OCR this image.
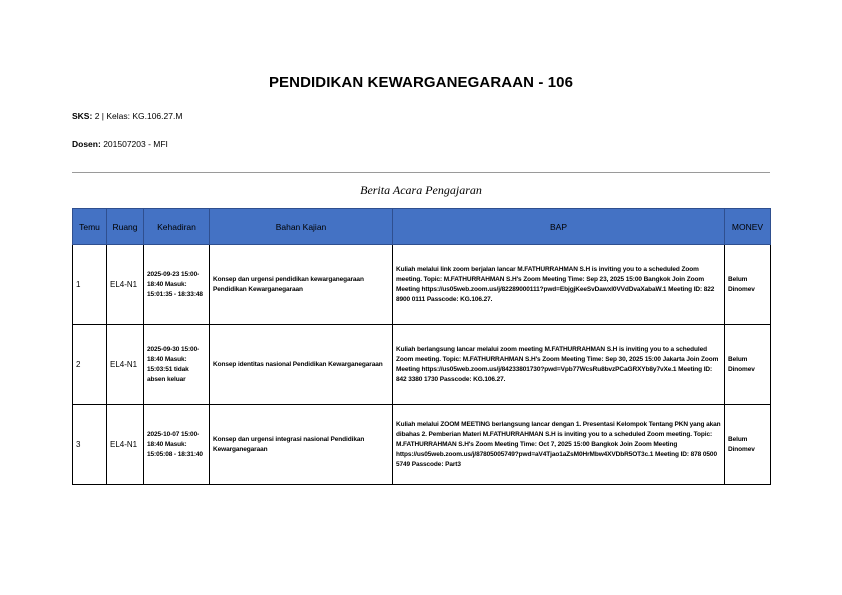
PENDIDIKAN KEWARGANEGARAAN - 106
SKS: 2 | Kelas: KG.106.27.M
Dosen: 201507203 - MFI
Berita Acara Pengajaran
Temu	Ruang	Kehadiran	Bahan Kajian	BAP	MONEV
1	EL4-N1	2025-09-23 15:00-18:40 Masuk: 15:01:35 - 18:33:48	Konsep dan urgensi pendidikan kewarganegaraan Pendidikan Kewarganegaraan	Kuliah melalui link zoom berjalan lancar M.FATHURRAHMAN S.H is inviting you to a scheduled Zoom meeting. Topic: M.FATHURRAHMAN S.H's Zoom Meeting Time: Sep 23, 2025 15:00 Bangkok Join Zoom Meeting https://us05web.zoom.us/j/82289000111?pwd=EbjgjKeeSvDawxl0VVdDvaXabaW.1 Meeting ID: 822 8900 0111 Passcode: KG.106.27.	Belum Dinomev
2	EL4-N1	2025-09-30 15:00-18:40 Masuk: 15:03:51 tidak absen keluar	Konsep identitas nasional Pendidikan Kewarganegaraan	Kuliah berlangsung lancar melalui zoom meeting M.FATHURRAHMAN S.H is inviting you to a scheduled Zoom meeting. Topic: M.FATHURRAHMAN S.H's Zoom Meeting Time: Sep 30, 2025 15:00 Jakarta Join Zoom Meeting https://us05web.zoom.us/j/84233801730?pwd=Vpb77WcsRu8bvzPCaGRXYb8y7vXe.1 Meeting ID: 842 3380 1730 Passcode: KG.106.27.	Belum Dinomev
3	EL4-N1	2025-10-07 15:00-18:40 Masuk: 15:05:08 - 18:31:40	Konsep dan urgensi integrasi nasional Pendidikan Kewarganegaraan	Kuliah melalui ZOOM MEETING berlangsung lancar dengan 1. Presentasi Kelompok Tentang PKN yang akan dibahas 2. Pemberian Materi M.FATHURRAHMAN S.H is inviting you to a scheduled Zoom meeting. Topic: M.FATHURRAHMAN S.H's Zoom Meeting Time: Oct 7, 2025 15:00 Bangkok Join Zoom Meeting https://us05web.zoom.us/j/87805005749?pwd=aV4Tjao1aZsM0HrMbw4XVDbR5OT3c.1 Meeting ID: 878 0500 5749 Passcode: Part3	Belum Dinomev
